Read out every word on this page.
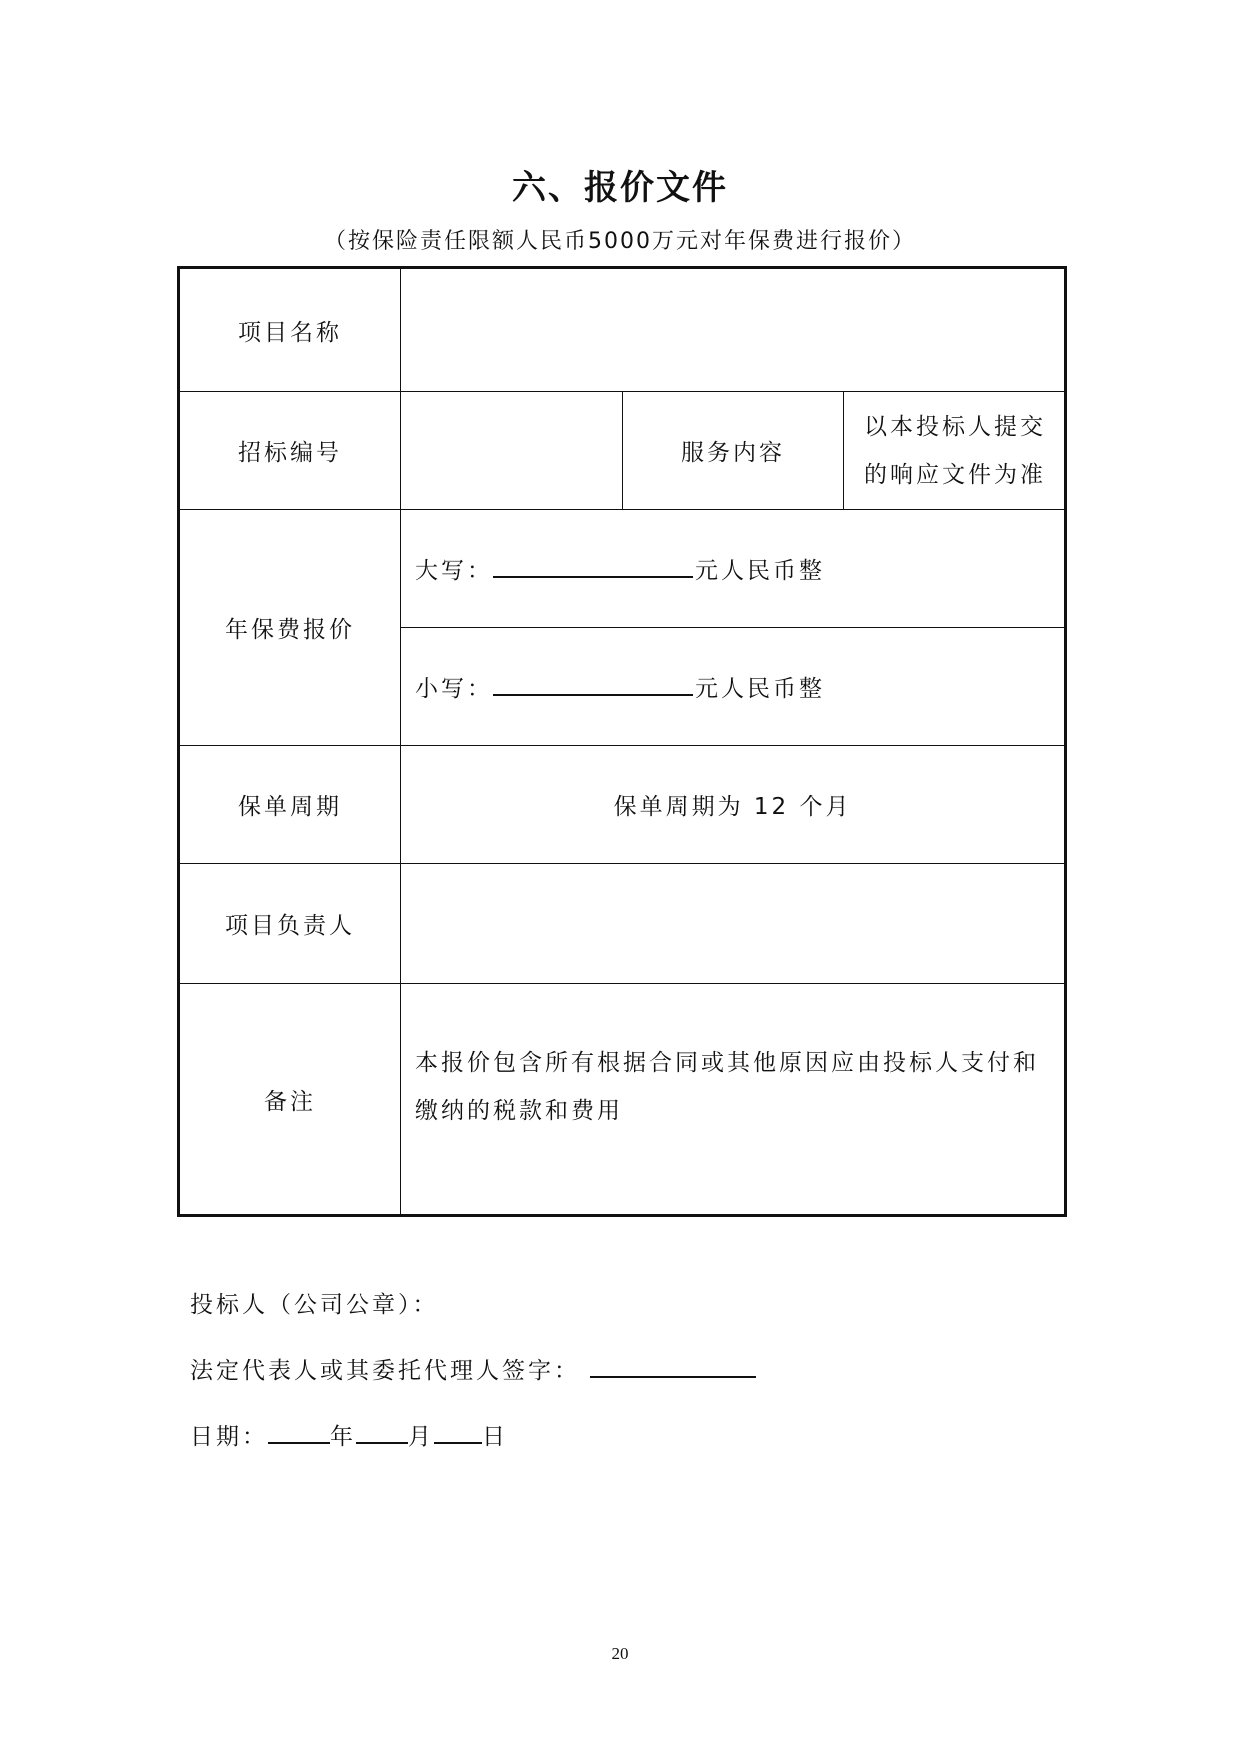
六、报价文件
（按保险责任限额人民币5000万元对年保费进行报价）
项目名称			
招标编号		服务内容	以本投标人提交的响应文件为准
年保费报价	大写： 元人民币整		
	小写： 元人民币整		
保单周期	保单周期为 12 个月		
项目负责人			
备注	本报价包含所有根据合同或其他原因应由投标人支付和缴纳的税款和费用		
投标人（公司公章）：
法定代表人或其委托代理人签字：
日期：	年 月 日
20
